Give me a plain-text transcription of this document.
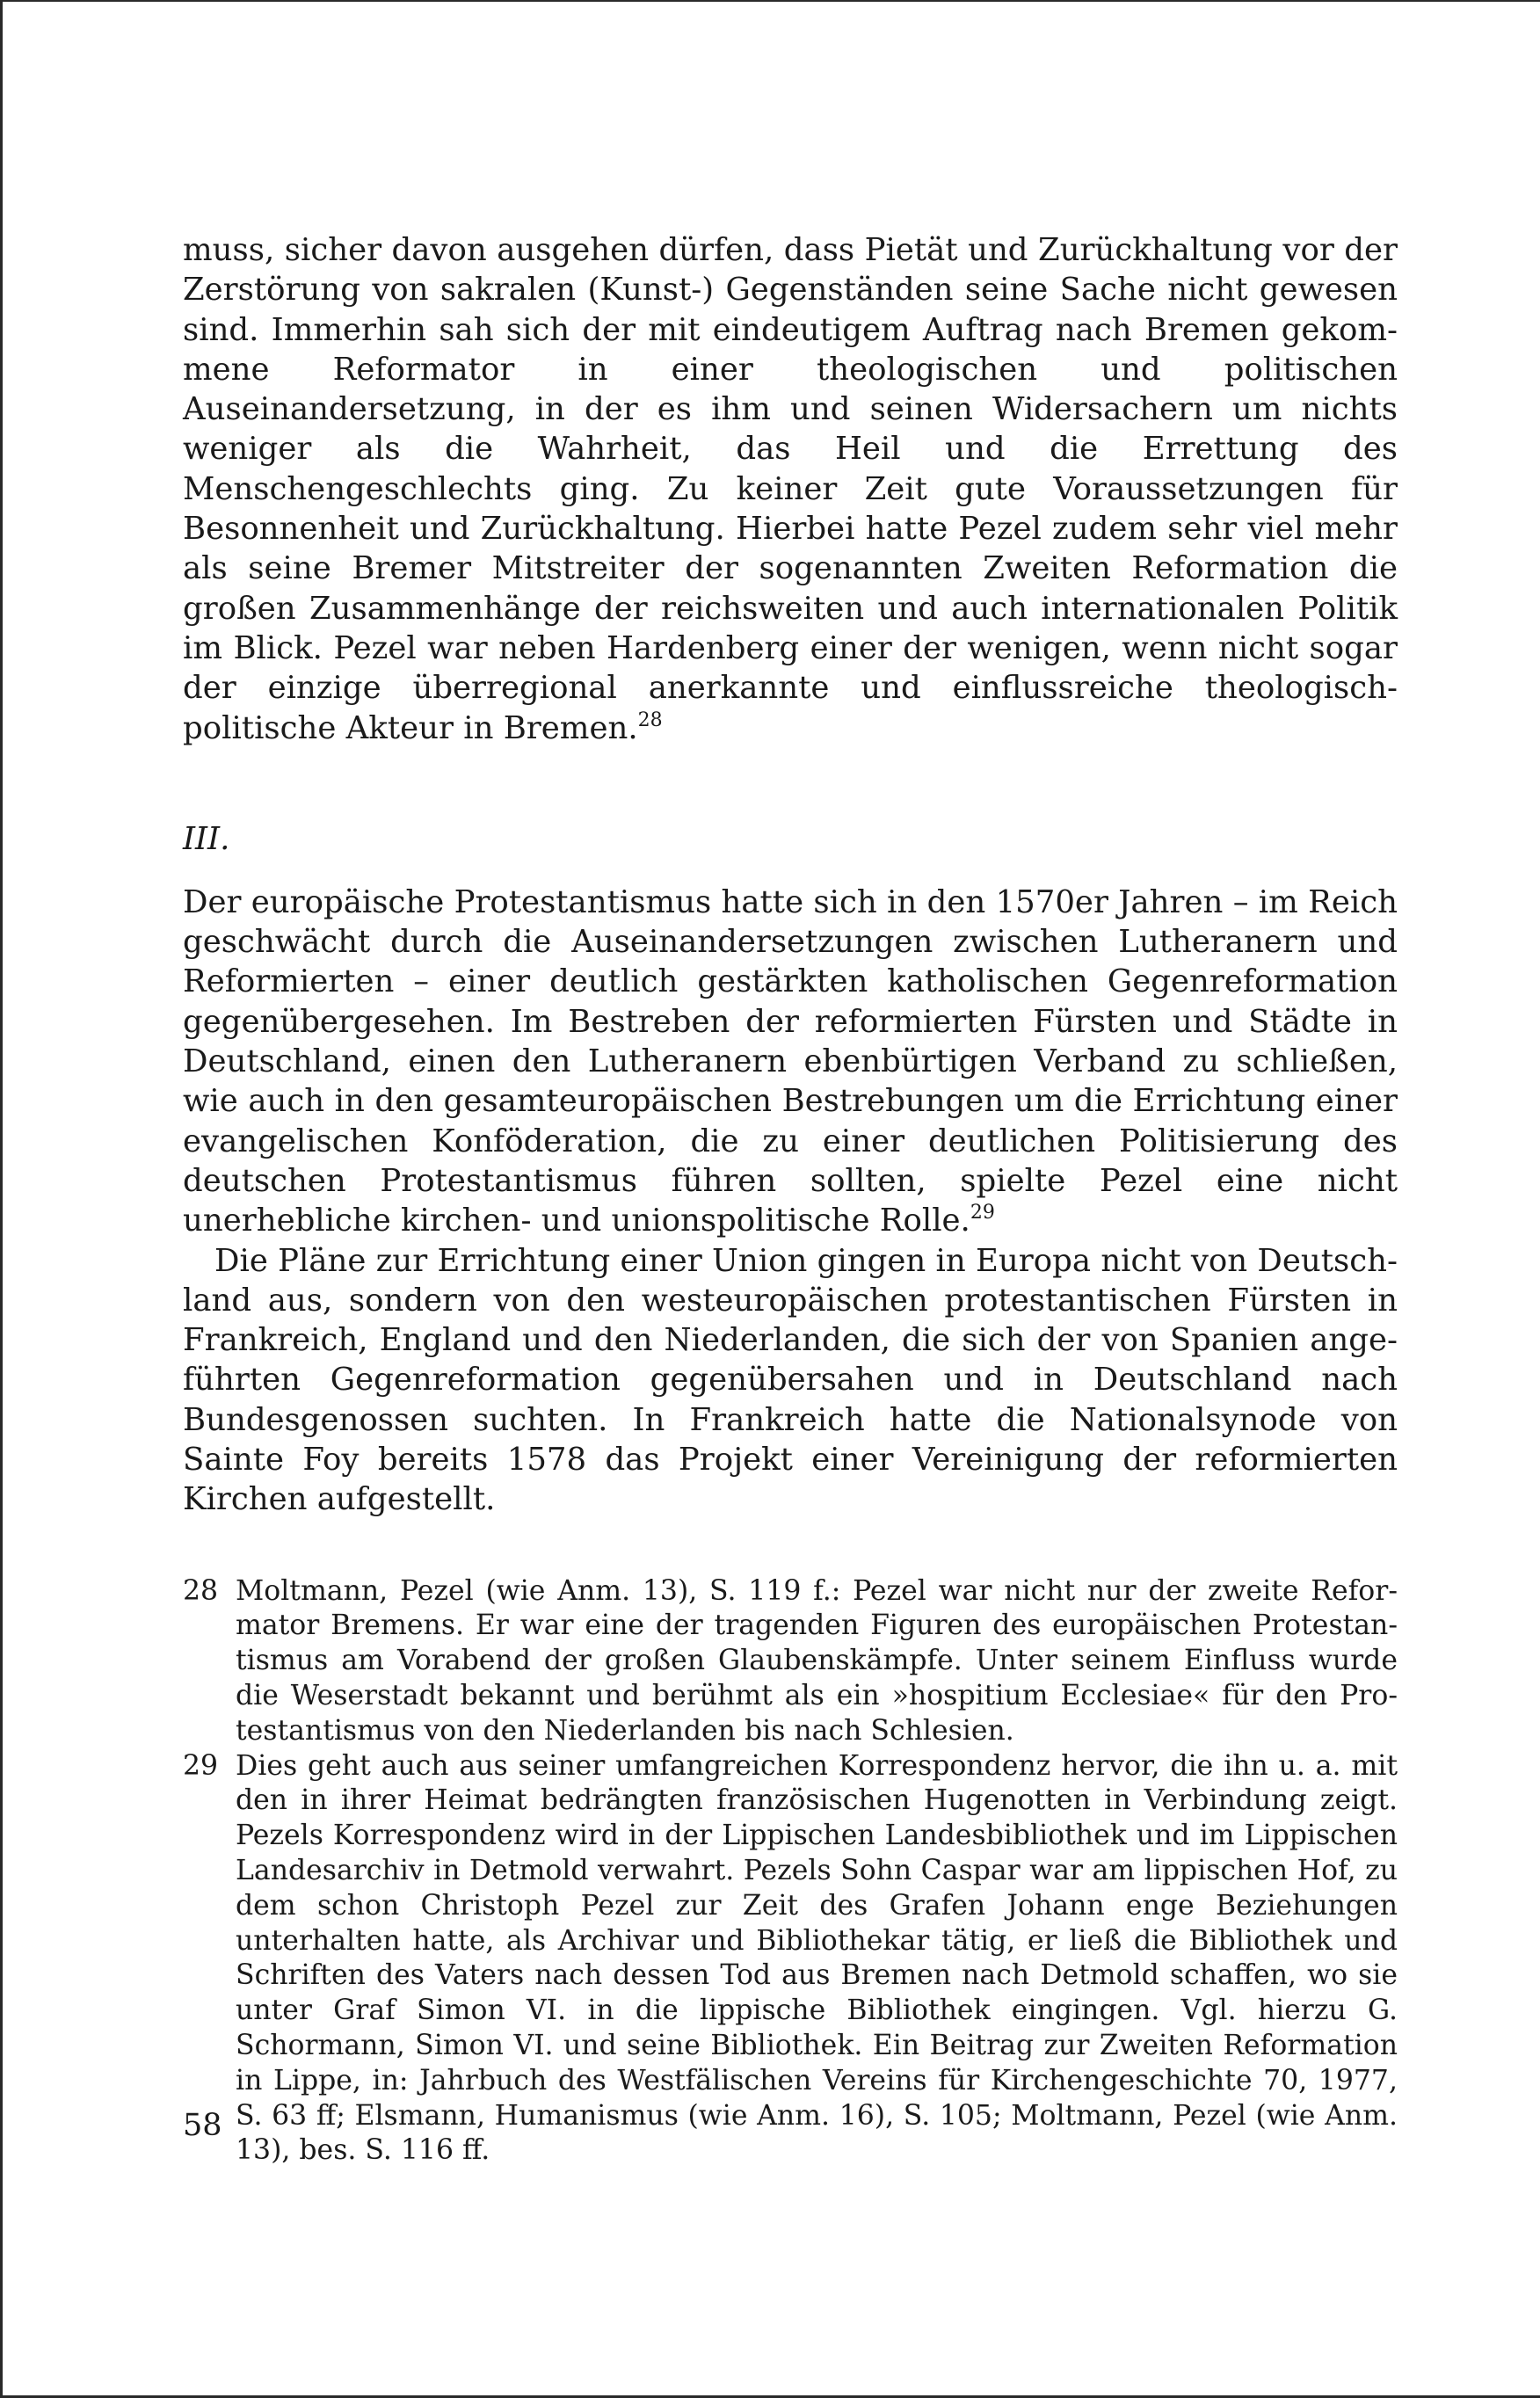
muss, sicher davon ausgehen dürfen, dass Pietät und Zurückhaltung vor der Zerstörung von sakralen (Kunst-) Gegenständen seine Sache nicht gewesen sind. Immerhin sah sich der mit eindeutigem Auftrag nach Bremen gekommene Reformator in einer theologischen und politischen Auseinandersetzung, in der es ihm und seinen Widersachern um nichts weniger als die Wahrheit, das Heil und die Errettung des Menschengeschlechts ging. Zu keiner Zeit gute Voraussetzungen für Besonnenheit und Zurückhaltung. Hierbei hatte Pezel zudem sehr viel mehr als seine Bremer Mitstreiter der sogenannten Zweiten Reformation die großen Zusammenhänge der reichsweiten und auch internationalen Politik im Blick. Pezel war neben Hardenberg einer der wenigen, wenn nicht sogar der einzige überregional anerkannte und einflussreiche theologisch-politische Akteur in Bremen.$^{28}$

III.

Der europäische Protestantismus hatte sich in den 1570er Jahren – im Reich geschwächt durch die Auseinandersetzungen zwischen Lutheranern und Reformierten – einer deutlich gestärkten katholischen Gegenreformation gegenübergesehen. Im Bestreben der reformierten Fürsten und Städte in Deutschland, einen den Lutheranern ebenbürtigen Verband zu schließen, wie auch in den gesamteuropäischen Bestrebungen um die Errichtung einer evangelischen Konföderation, die zu einer deutlichen Politisierung des deutschen Protestantismus führen sollten, spielte Pezel eine nicht unerhebliche kirchen- und unionspolitische Rolle.$^{29}$

Die Pläne zur Errichtung einer Union gingen in Europa nicht von Deutschland aus, sondern von den westeuropäischen protestantischen Fürsten in Frankreich, England und den Niederlanden, die sich der von Spanien angeführten Gegenreformation gegenübersahen und in Deutschland nach Bundesgenossen suchten. In Frankreich hatte die Nationalsynode von Sainte Foy bereits 1578 das Projekt einer Vereinigung der reformierten Kirchen aufgestellt.

28 Moltmann, Pezel (wie Anm. 13), S. 119 f.: Pezel war nicht nur der zweite Reformator Bremens. Er war eine der tragenden Figuren des europäischen Protestantismus am Vorabend der großen Glaubenskämpfe. Unter seinem Einfluss wurde die Weserstadt bekannt und berühmt als ein »hospitium Ecclesiae« für den Protestantismus von den Niederlanden bis nach Schlesien.
29 Dies geht auch aus seiner umfangreichen Korrespondenz hervor, die ihn u. a. mit den in ihrer Heimat bedrängten französischen Hugenotten in Verbindung zeigt. Pezels Korrespondenz wird in der Lippischen Landesbibliothek und im Lippischen Landesarchiv in Detmold verwahrt. Pezels Sohn Caspar war am lippischen Hof, zu dem schon Christoph Pezel zur Zeit des Grafen Johann enge Beziehungen unterhalten hatte, als Archivar und Bibliothekar tätig, er ließ die Bibliothek und Schriften des Vaters nach dessen Tod aus Bremen nach Detmold schaffen, wo sie unter Graf Simon VI. in die lippische Bibliothek eingingen. Vgl. hierzu G. Schormann, Simon VI. und seine Bibliothek. Ein Beitrag zur Zweiten Reformation in Lippe, in: Jahrbuch des Westfälischen Vereins für Kirchengeschichte 70, 1977, S. 63 ff; Elsmann, Humanismus (wie Anm. 16), S. 105; Moltmann, Pezel (wie Anm. 13), bes. S. 116 ff.
58
